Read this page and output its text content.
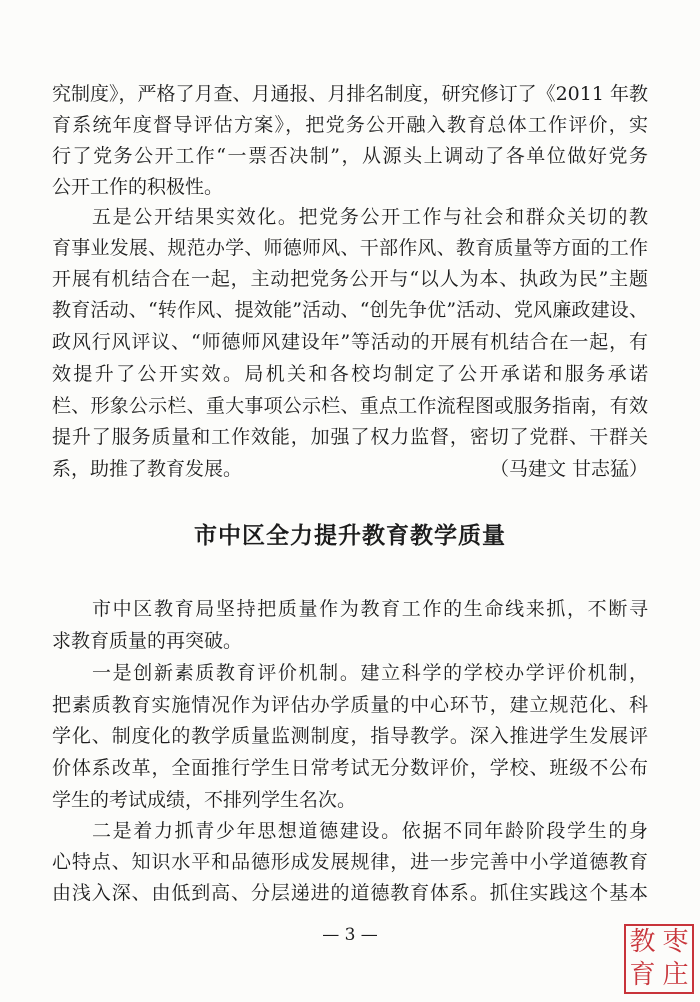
究制度》，严格了月查、月通报、月排名制度，研究修订了《2011 年教

育系统年度督导评估方案》，把党务公开融入教育总体工作评价，实

行了党务公开工作“一票否决制”，从源头上调动了各单位做好党务

公开工作的积极性。

五是公开结果实效化。把党务公开工作与社会和群众关切的教

育事业发展、规范办学、师德师风、干部作风、教育质量等方面的工作

开展有机结合在一起，主动把党务公开与“以人为本、执政为民”主题

教育活动、“转作风、提效能”活动、“创先争优”活动、党风廉政建设、

政风行风评议、“师德师风建设年”等活动的开展有机结合在一起，有

效提升了公开实效。局机关和各校均制定了公开承诺和服务承诺

栏、形象公示栏、重大事项公示栏、重点工作流程图或服务指南，有效

提升了服务质量和工作效能，加强了权力监督，密切了党群、干群关

系，助推了教育发展。	（马建文 甘志猛）

市中区全力提升教育教学质量

市中区教育局坚持把质量作为教育工作的生命线来抓，不断寻

求教育质量的再突破。

一是创新素质教育评价机制。建立科学的学校办学评价机制，

把素质教育实施情况作为评估办学质量的中心环节，建立规范化、科

学化、制度化的教学质量监测制度，指导教学。深入推进学生发展评

价体系改革，全面推行学生日常考试无分数评价，学校、班级不公布

学生的考试成绩，不排列学生名次。

二是着力抓青少年思想道德建设。依据不同年龄阶段学生的身

心特点、知识水平和品德形成发展规律，进一步完善中小学道德教育

由浅入深、由低到高、分层递进的道德教育体系。抓住实践这个基本

— 3 —	教 枣
育 庄
